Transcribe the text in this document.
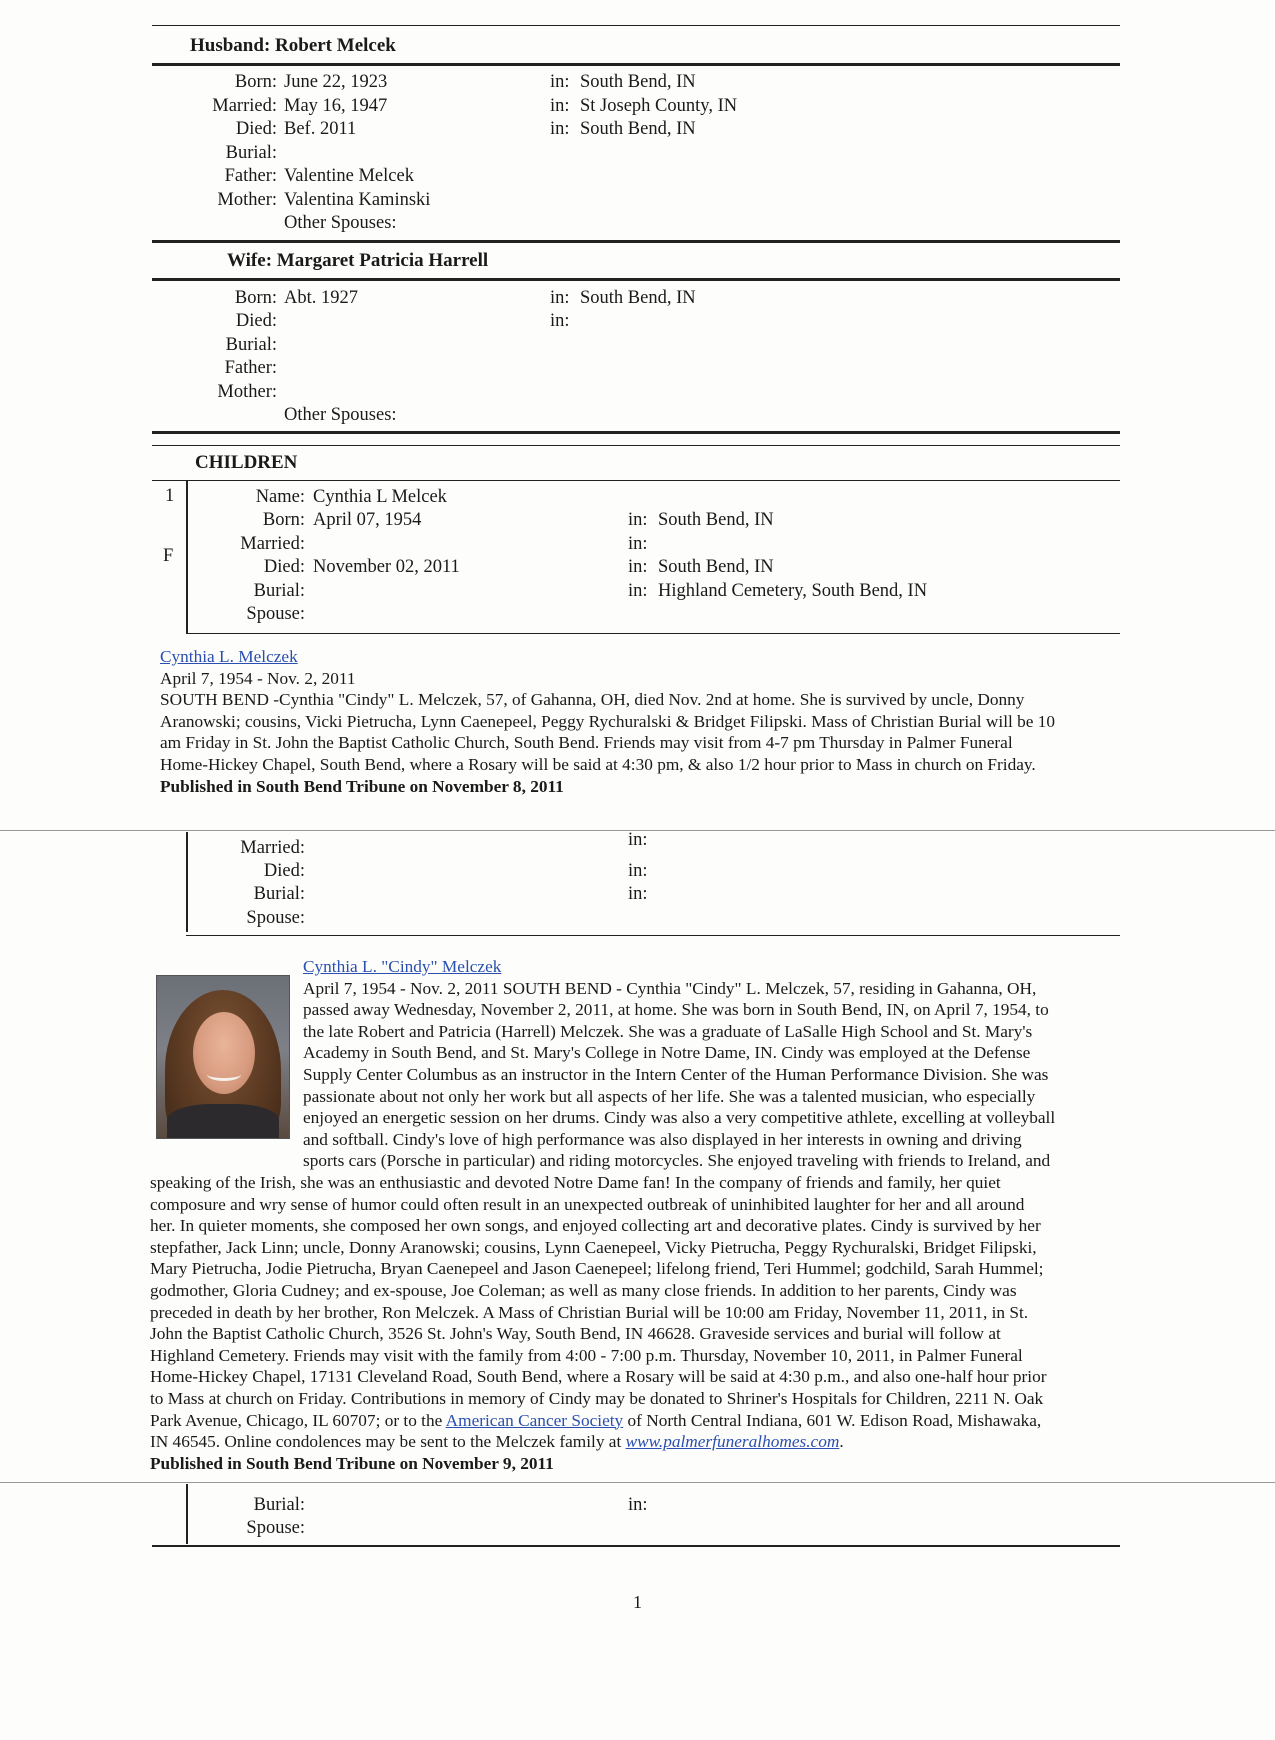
Husband: Robert Melcek
Born: June 22, 1923	in: South Bend, IN
Married: May 16, 1947	in: St Joseph County, IN
Died: Bef. 2011	in: South Bend, IN
Burial:
Father: Valentine Melcek
Mother: Valentina Kaminski
Other Spouses:
Wife: Margaret Patricia Harrell
Born: Abt. 1927	in: South Bend, IN
Died:	in:
Burial:
Father:
Mother:
Other Spouses:
CHILDREN
1
F
Name: Cynthia L Melcek
Born: April 07, 1954	in: South Bend, IN
Married:	in:
Died: November 02, 2011	in: South Bend, IN
Burial:	in: Highland Cemetery, South Bend, IN
Spouse:

Cynthia L. Melczek

April 7, 1954 - Nov. 2, 2011

SOUTH BEND -Cynthia "Cindy" L. Melczek, 57, of Gahanna, OH, died Nov. 2nd at home. She is survived by uncle, Donny

Aranowski; cousins, Vicki Pietrucha, Lynn Caenepeel, Peggy Rychuralski & Bridget Filipski. Mass of Christian Burial will be 10

am Friday in St. John the Baptist Catholic Church, South Bend. Friends may visit from 4-7 pm Thursday in Palmer Funeral

Home-Hickey Chapel, South Bend, where a Rosary will be said at 4:30 pm, & also 1/2 hour prior to Mass in church on Friday.

Published in South Bend Tribune on November 8, 2011

Married:	in:
Died:	in:
Burial:	in:
Spouse:

Cynthia L. "Cindy" Melczek

April 7, 1954 - Nov. 2, 2011 SOUTH BEND - Cynthia "Cindy" L. Melczek, 57, residing in Gahanna, OH,

passed away Wednesday, November 2, 2011, at home. She was born in South Bend, IN, on April 7, 1954, to

the late Robert and Patricia (Harrell) Melczek. She was a graduate of LaSalle High School and St. Mary's

Academy in South Bend, and St. Mary's College in Notre Dame, IN. Cindy was employed at the Defense

Supply Center Columbus as an instructor in the Intern Center of the Human Performance Division. She was

passionate about not only her work but all aspects of her life. She was a talented musician, who especially

enjoyed an energetic session on her drums. Cindy was also a very competitive athlete, excelling at volleyball

and softball. Cindy's love of high performance was also displayed in her interests in owning and driving

sports cars (Porsche in particular) and riding motorcycles. She enjoyed traveling with friends to Ireland, and

speaking of the Irish, she was an enthusiastic and devoted Notre Dame fan! In the company of friends and family, her quiet

composure and wry sense of humor could often result in an unexpected outbreak of uninhibited laughter for her and all around

her. In quieter moments, she composed her own songs, and enjoyed collecting art and decorative plates. Cindy is survived by her

stepfather, Jack Linn; uncle, Donny Aranowski; cousins, Lynn Caenepeel, Vicky Pietrucha, Peggy Rychuralski, Bridget Filipski,

Mary Pietrucha, Jodie Pietrucha, Bryan Caenepeel and Jason Caenepeel; lifelong friend, Teri Hummel; godchild, Sarah Hummel;

godmother, Gloria Cudney; and ex-spouse, Joe Coleman; as well as many close friends. In addition to her parents, Cindy was

preceded in death by her brother, Ron Melczek. A Mass of Christian Burial will be 10:00 am Friday, November 11, 2011, in St.

John the Baptist Catholic Church, 3526 St. John's Way, South Bend, IN 46628. Graveside services and burial will follow at

Highland Cemetery. Friends may visit with the family from 4:00 - 7:00 p.m. Thursday, November 10, 2011, in Palmer Funeral

Home-Hickey Chapel, 17131 Cleveland Road, South Bend, where a Rosary will be said at 4:30 p.m., and also one-half hour prior

to Mass at church on Friday. Contributions in memory of Cindy may be donated to Shriner's Hospitals for Children, 2211 N. Oak

Park Avenue, Chicago, IL 60707; or to the American Cancer Society of North Central Indiana, 601 W. Edison Road, Mishawaka,

IN 46545. Online condolences may be sent to the Melczek family at www.palmerfuneralhomes.com.

Published in South Bend Tribune on November 9, 2011

Burial:	in:
Spouse:
1
